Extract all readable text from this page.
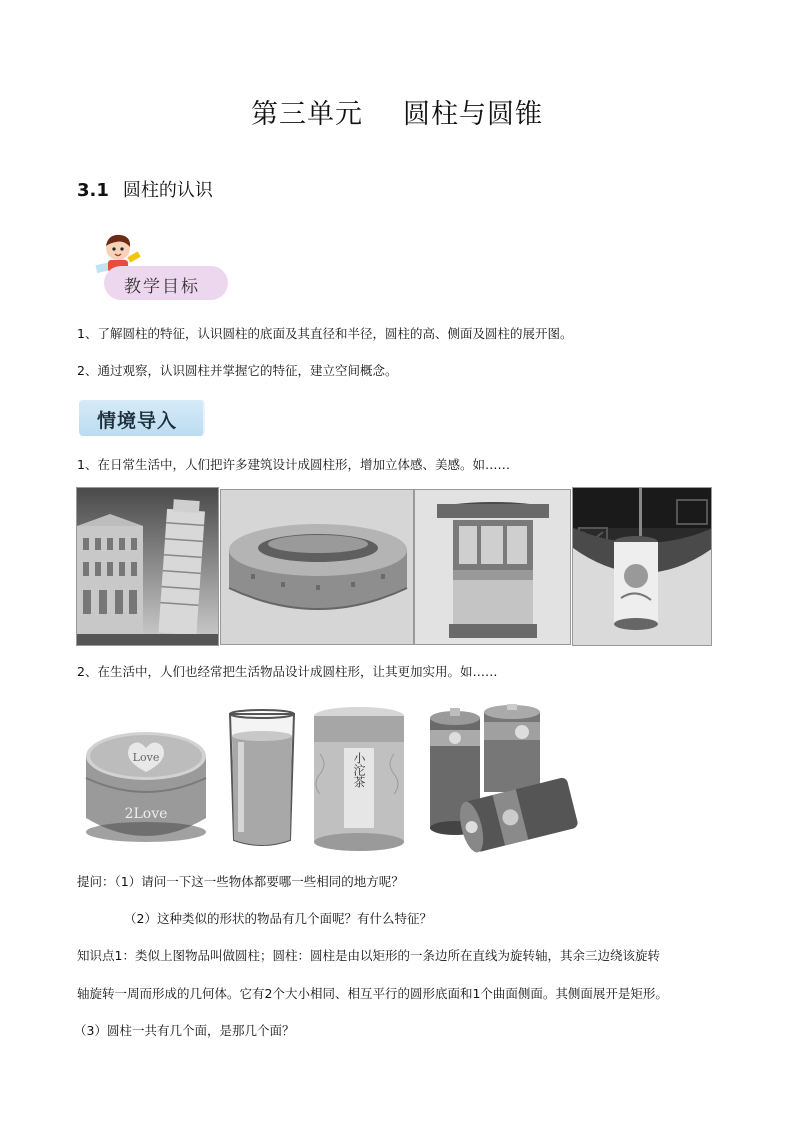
第三单元 圆柱与圆锥
3.1 圆柱的认识
教学目标
1、了解圆柱的特征，认识圆柱的底面及其直径和半径，圆柱的高、侧面及圆柱的展开图。
2、通过观察，认识圆柱并掌握它的特征，建立空间概念。
情境导入
1、在日常生活中，人们把许多建筑设计成圆柱形，增加立体感、美感。如……
2、在生活中，人们也经常把生活物品设计成圆柱形，让其更加实用。如……
Love
2Love
小沱茶
提问：（1）请问一下这一些物体都要哪一些相同的地方呢？
（2）这种类似的形状的物品有几个面呢？有什么特征？
知识点1：类似上图物品叫做圆柱；圆柱：圆柱是由以矩形的一条边所在直线为旋转轴，其余三边绕该旋转
轴旋转一周而形成的几何体。它有2个大小相同、相互平行的圆形底面和1个曲面侧面。其侧面展开是矩形。
（3）圆柱一共有几个面，是那几个面？
